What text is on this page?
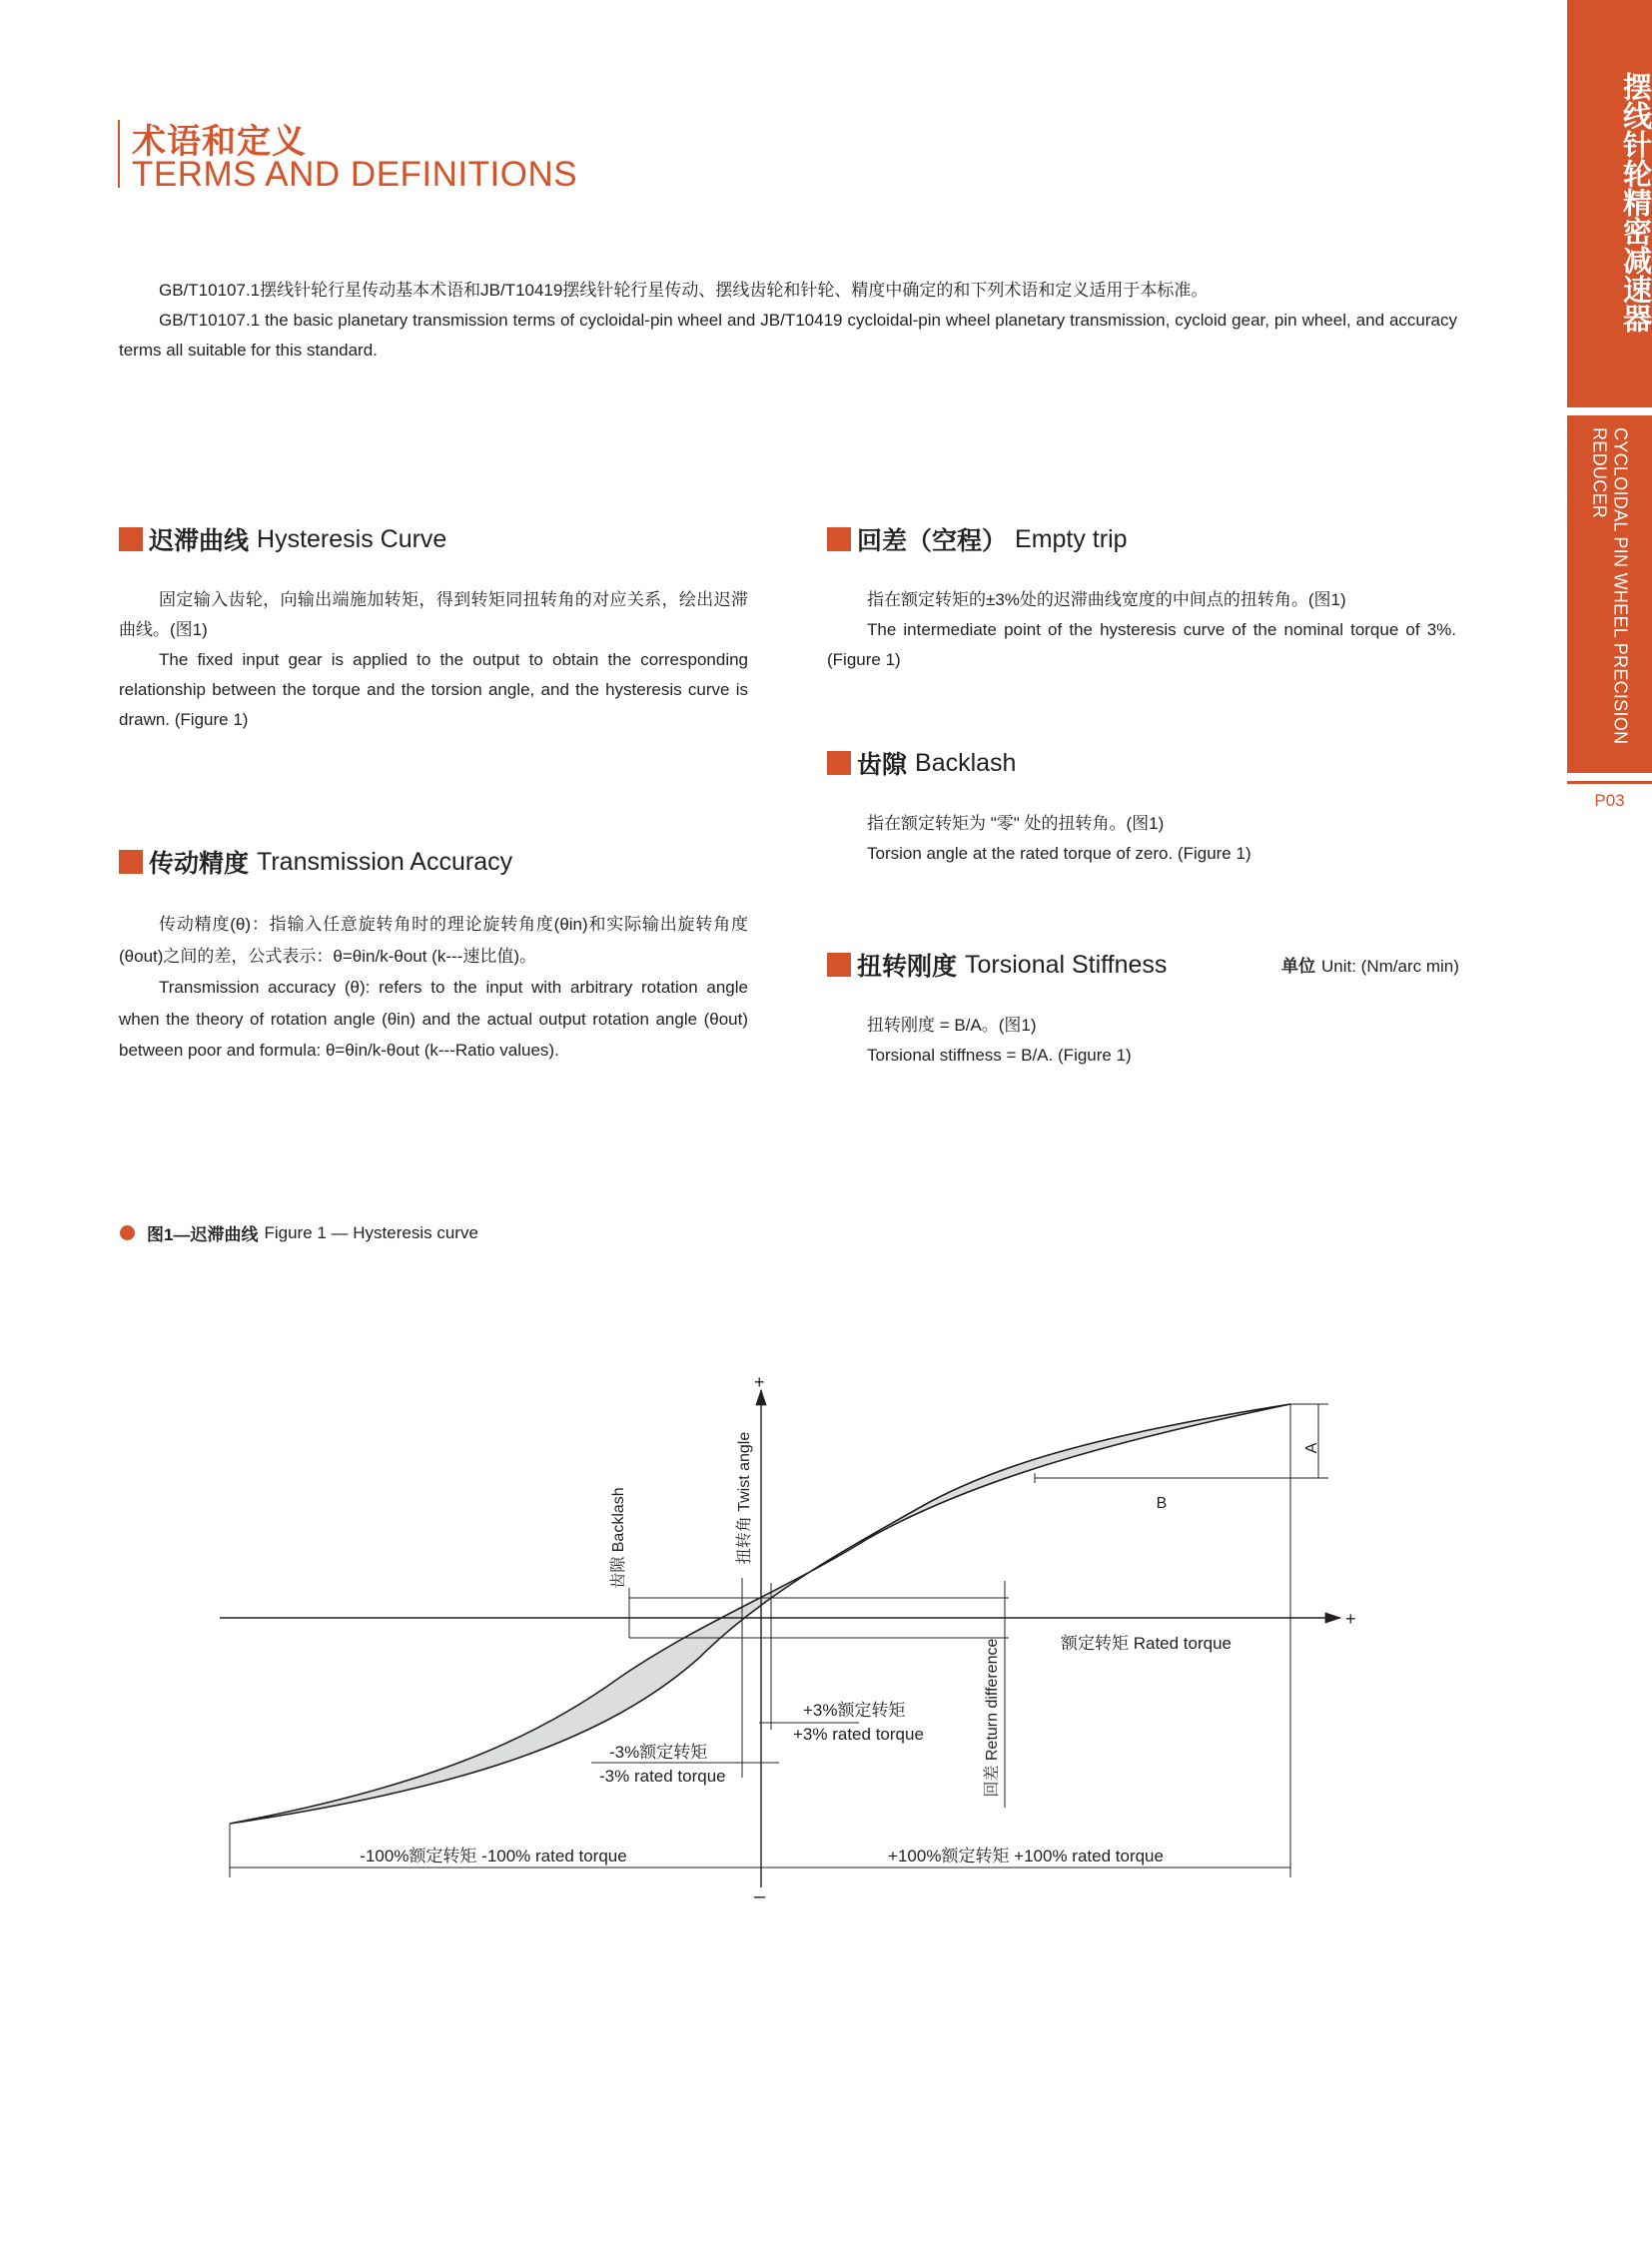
摆线针轮精密减速器
CYCLOIDAL PIN WHEEL PRECISION REDUCER
P03
术语和定义
TERMS AND DEFINITIONS

GB/T10107.1摆线针轮行星传动基本术语和JB/T10419摆线针轮行星传动、摆线齿轮和针轮、精度中确定的和下列术语和定义适用于本标准。

GB/T10107.1 the basic planetary transmission terms of cycloidal-pin wheel and JB/T10419 cycloidal-pin wheel planetary transmission, cycloid gear, pin wheel, and accuracy terms all suitable for this standard.

迟滞曲线 Hysteresis Curve

固定输入齿轮，向输出端施加转矩，得到转矩同扭转角的对应关系，绘出迟滞曲线。(图1)

The fixed input gear is applied to the output to obtain the corresponding relationship between the torque and the torsion angle, and the hysteresis curve is drawn. (Figure 1)

传动精度 Transmission Accuracy

传动精度(θ)：指输入任意旋转角时的理论旋转角度(θin)和实际输出旋转角度(θout)之间的差，公式表示：θ=θin/k-θout (k---速比值)。

Transmission accuracy (θ): refers to the input with arbitrary rotation angle when the theory of rotation angle (θin) and the actual output rotation angle (θout) between poor and formula: θ=θin/k-θout (k---Ratio values).

回差（空程） Empty trip

指在额定转矩的±3%处的迟滞曲线宽度的中间点的扭转角。(图1)

The intermediate point of the hysteresis curve of the nominal torque of 3%. (Figure 1)

齿隙 Backlash

指在额定转矩为 "零" 处的扭转角。(图1)

Torsion angle at the rated torque of zero. (Figure 1)

扭转刚度 Torsional Stiffness	单位 Unit: (Nm/arc min)

扭转刚度 = B/A。(图1)

Torsional stiffness = B/A. (Figure 1)

图1—迟滞曲线 Figure 1 — Hysteresis curve
+
–
+
A
B
额定转矩 Rated torque
扭转角 Twist angle
齿隙 Backlash
回差 Return difference
+3%额定转矩
+3% rated torque
-3%额定转矩
-3% rated torque
-100%额定转矩 -100% rated torque	+100%额定转矩 +100% rated torque
